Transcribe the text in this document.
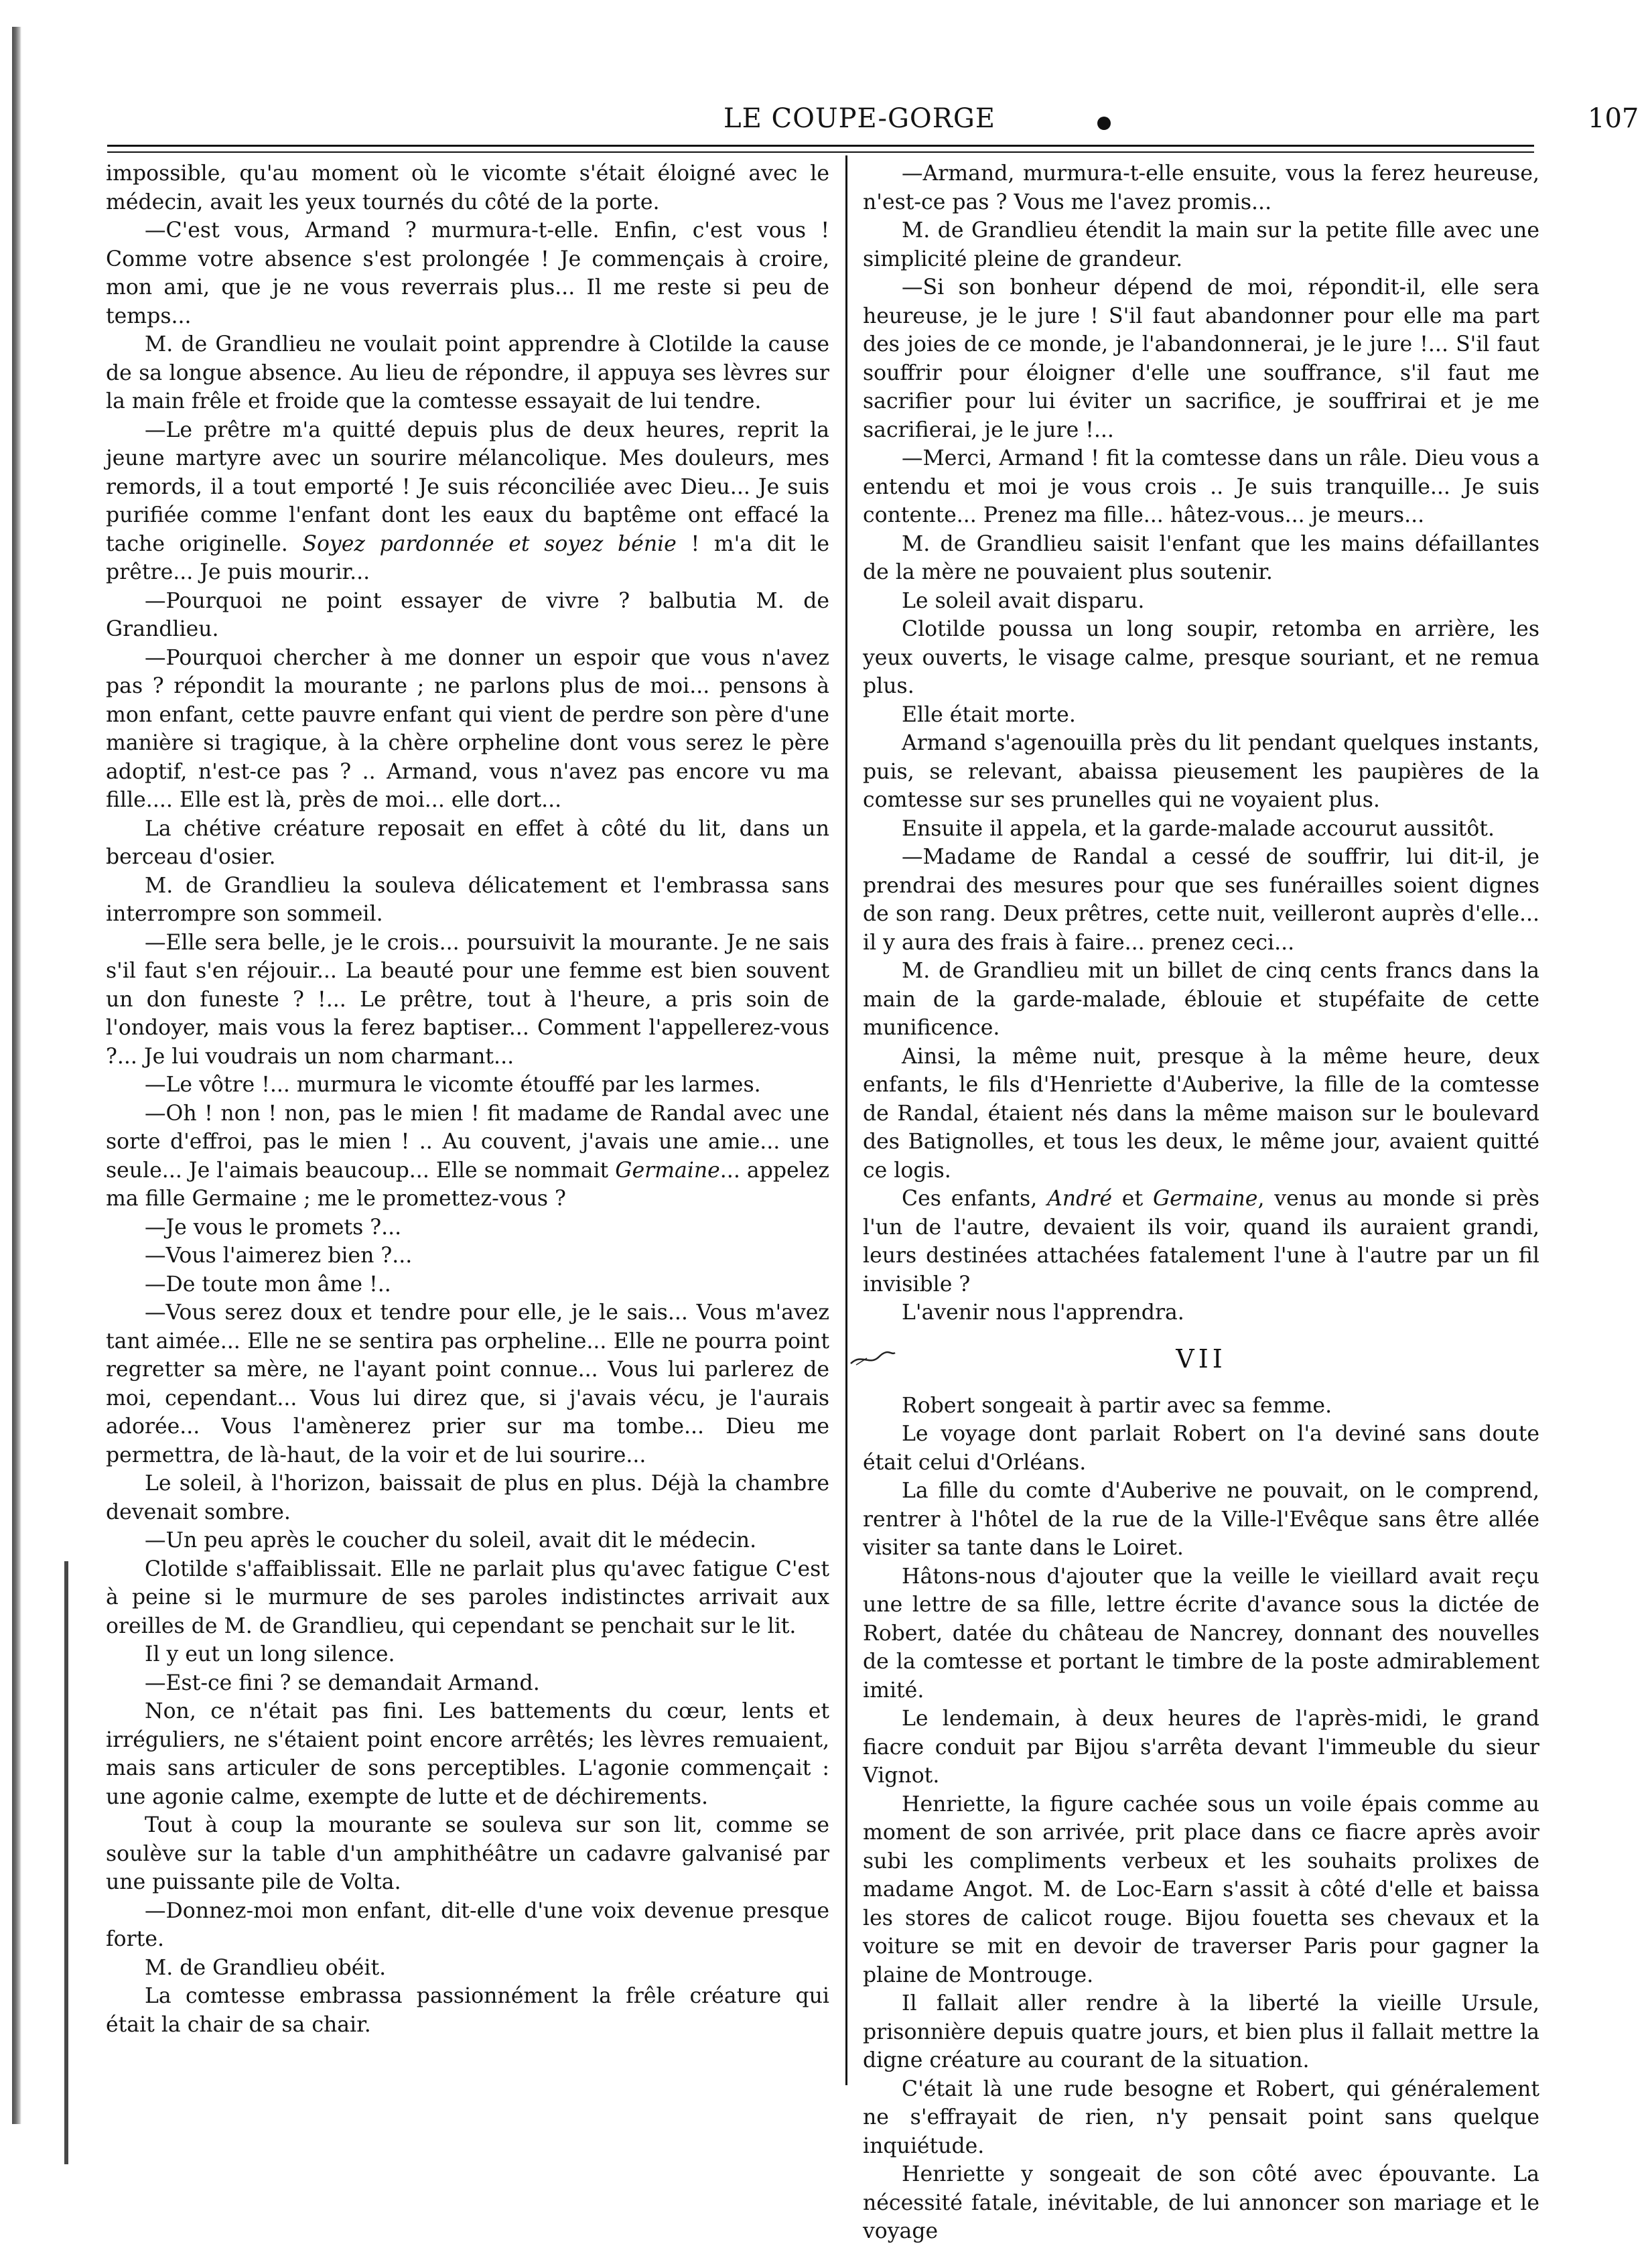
LE COUPE-GORGE	107

impossible, qu'au moment où le vicomte s'était éloigné avec le médecin, avait les yeux tournés du côté de la porte.

—C'est vous, Armand ? murmura-t-elle. Enfin, c'est vous ! Comme votre absence s'est prolongée ! Je commençais à croire, mon ami, que je ne vous reverrais plus... Il me reste si peu de temps...

M. de Grandlieu ne voulait point apprendre à Clotilde la cause de sa longue absence. Au lieu de répondre, il appuya ses lèvres sur la main frêle et froide que la comtesse essayait de lui tendre.

—Le prêtre m'a quitté depuis plus de deux heures, reprit la jeune martyre avec un sourire mélancolique. Mes douleurs, mes remords, il a tout emporté ! Je suis réconciliée avec Dieu... Je suis purifiée comme l'enfant dont les eaux du baptême ont effacé la tache originelle. Soyez pardonnée et soyez bénie ! m'a dit le prêtre... Je puis mourir...

—Pourquoi ne point essayer de vivre ? balbutia M. de Grandlieu.

—Pourquoi chercher à me donner un espoir que vous n'avez pas ? répondit la mourante ; ne parlons plus de moi... pensons à mon enfant, cette pauvre enfant qui vient de perdre son père d'une manière si tragique, à la chère orpheline dont vous serez le père adoptif, n'est-ce pas ? .. Armand, vous n'avez pas encore vu ma fille.... Elle est là, près de moi... elle dort...

La chétive créature reposait en effet à côté du lit, dans un berceau d'osier.

M. de Grandlieu la souleva délicatement et l'embrassa sans interrompre son sommeil.

—Elle sera belle, je le crois... poursuivit la mourante. Je ne sais s'il faut s'en réjouir... La beauté pour une femme est bien souvent un don funeste ? !... Le prêtre, tout à l'heure, a pris soin de l'ondoyer, mais vous la ferez baptiser... Comment l'appellerez-vous ?... Je lui voudrais un nom charmant...

—Le vôtre !... murmura le vicomte étouffé par les larmes.

—Oh ! non ! non, pas le mien ! fit madame de Randal avec une sorte d'effroi, pas le mien ! .. Au couvent, j'avais une amie... une seule... Je l'aimais beaucoup... Elle se nommait Germaine... appelez ma fille Germaine ; me le promettez-vous ?

—Je vous le promets ?...

—Vous l'aimerez bien ?...

—De toute mon âme !..

—Vous serez doux et tendre pour elle, je le sais... Vous m'avez tant aimée... Elle ne se sentira pas orpheline... Elle ne pourra point regretter sa mère, ne l'ayant point connue... Vous lui parlerez de moi, cependant... Vous lui direz que, si j'avais vécu, je l'aurais adorée... Vous l'amènerez prier sur ma tombe... Dieu me permettra, de là-haut, de la voir et de lui sourire...

Le soleil, à l'horizon, baissait de plus en plus. Déjà la chambre devenait sombre.

—Un peu après le coucher du soleil, avait dit le médecin.

Clotilde s'affaiblissait. Elle ne parlait plus qu'avec fatigue C'est à peine si le murmure de ses paroles indistinctes arrivait aux oreilles de M. de Grandlieu, qui cependant se penchait sur le lit.

Il y eut un long silence.

—Est-ce fini ? se demandait Armand.

Non, ce n'était pas fini. Les battements du cœur, lents et irréguliers, ne s'étaient point encore arrêtés; les lèvres remuaient, mais sans articuler de sons perceptibles. L'agonie commençait : une agonie calme, exempte de lutte et de déchirements.

Tout à coup la mourante se souleva sur son lit, comme se soulève sur la table d'un amphithéâtre un cadavre galvanisé par une puissante pile de Volta.

—Donnez-moi mon enfant, dit-elle d'une voix devenue presque forte.

M. de Grandlieu obéit.

La comtesse embrassa passionnément la frêle créature qui était la chair de sa chair.

—Armand, murmura-t-elle ensuite, vous la ferez heureuse, n'est-ce pas ? Vous me l'avez promis...

M. de Grandlieu étendit la main sur la petite fille avec une simplicité pleine de grandeur.

—Si son bonheur dépend de moi, répondit-il, elle sera heureuse, je le jure ! S'il faut abandonner pour elle ma part des joies de ce monde, je l'abandonnerai, je le jure !... S'il faut souffrir pour éloigner d'elle une souffrance, s'il faut me sacrifier pour lui éviter un sacrifice, je souffrirai et je me sacrifierai, je le jure !...

—Merci, Armand ! fit la comtesse dans un râle. Dieu vous a entendu et moi je vous crois .. Je suis tranquille... Je suis contente... Prenez ma fille... hâtez-vous... je meurs...

M. de Grandlieu saisit l'enfant que les mains défaillantes de la mère ne pouvaient plus soutenir.

Le soleil avait disparu.

Clotilde poussa un long soupir, retomba en arrière, les yeux ouverts, le visage calme, presque souriant, et ne remua plus.

Elle était morte.

Armand s'agenouilla près du lit pendant quelques instants, puis, se relevant, abaissa pieusement les paupières de la comtesse sur ses prunelles qui ne voyaient plus.

Ensuite il appela, et la garde-malade accourut aussitôt.

—Madame de Randal a cessé de souffrir, lui dit-il, je prendrai des mesures pour que ses funérailles soient dignes de son rang. Deux prêtres, cette nuit, veilleront auprès d'elle... il y aura des frais à faire... prenez ceci...

M. de Grandlieu mit un billet de cinq cents francs dans la main de la garde-malade, éblouie et stupéfaite de cette munificence.

Ainsi, la même nuit, presque à la même heure, deux enfants, le fils d'Henriette d'Auberive, la fille de la comtesse de Randal, étaient nés dans la même maison sur le boulevard des Batignolles, et tous les deux, le même jour, avaient quitté ce logis.

Ces enfants, André et Germaine, venus au monde si près l'un de l'autre, devaient ils voir, quand ils auraient grandi, leurs destinées attachées fatalement l'une à l'autre par un fil invisible ?

L'avenir nous l'apprendra.

VII

Robert songeait à partir avec sa femme.

Le voyage dont parlait Robert on l'a deviné sans doute était celui d'Orléans.

La fille du comte d'Auberive ne pouvait, on le comprend, rentrer à l'hôtel de la rue de la Ville-l'Evêque sans être allée visiter sa tante dans le Loiret.

Hâtons-nous d'ajouter que la veille le vieillard avait reçu une lettre de sa fille, lettre écrite d'avance sous la dictée de Robert, datée du château de Nancrey, donnant des nouvelles de la comtesse et portant le timbre de la poste admirablement imité.

Le lendemain, à deux heures de l'après-midi, le grand fiacre conduit par Bijou s'arrêta devant l'immeuble du sieur Vignot.

Henriette, la figure cachée sous un voile épais comme au moment de son arrivée, prit place dans ce fiacre après avoir subi les compliments verbeux et les souhaits prolixes de madame Angot. M. de Loc-Earn s'assit à côté d'elle et baissa les stores de calicot rouge. Bijou fouetta ses chevaux et la voiture se mit en devoir de traverser Paris pour gagner la plaine de Montrouge.

Il fallait aller rendre à la liberté la vieille Ursule, prisonnière depuis quatre jours, et bien plus il fallait mettre la digne créature au courant de la situation.

C'était là une rude besogne et Robert, qui généralement ne s'effrayait de rien, n'y pensait point sans quelque inquiétude.

Henriette y songeait de son côté avec épouvante. La nécessité fatale, inévitable, de lui annoncer son mariage et le voyage
